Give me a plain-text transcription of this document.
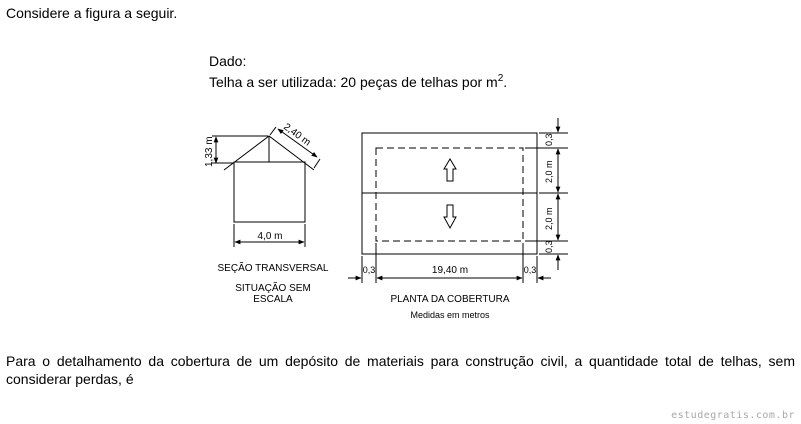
Considere a figura a seguir.
Dado:
Telha a ser utilizada: 20 peças de telhas por $m^2$.
1,33 m
2,40 m
4,0 m
SEÇÃO TRANSVERSAL
SITUAÇÃO SEM
ESCALA
0,3	19,40 m	0,3
0,3
2,0 m
2,0 m
0,3
PLANTA DA COBERTURA
Medidas em metros
Para o detalhamento da cobertura de um depósito de materiais para construção civil, a quantidade total de telhas, sem considerar perdas, é
estudegratis.com.br
